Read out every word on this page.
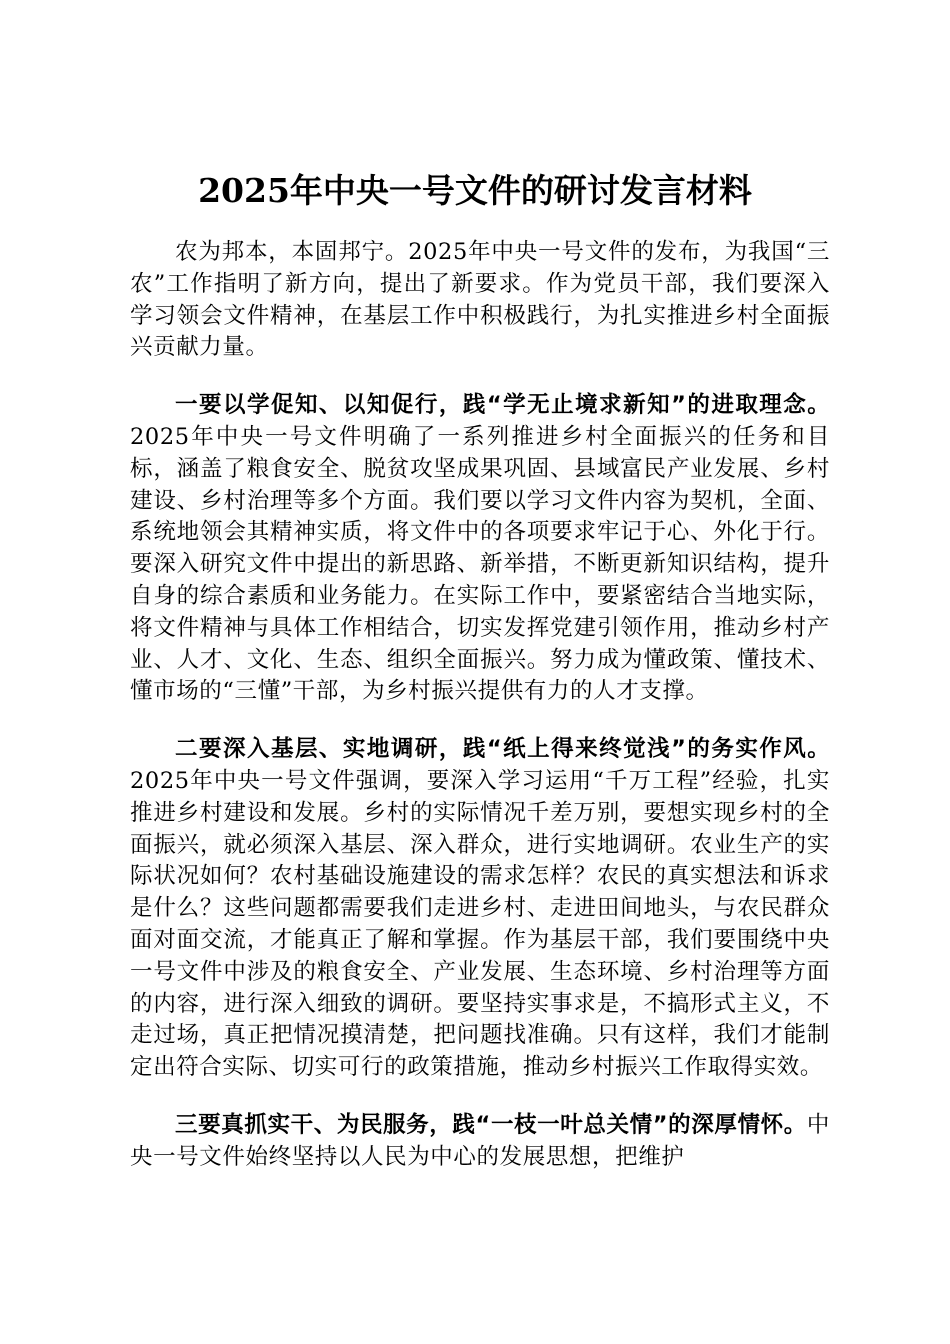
2025年中央一号文件的研讨发言材料

农为邦本，本固邦宁。2025年中央一号文件的发布，为我国“三农”工作指明了新方向，提出了新要求。作为党员干部，我们要深入学习领会文件精神，在基层工作中积极践行，为扎实推进乡村全面振兴贡献力量。

一要以学促知、以知促行，践“学无止境求新知”的进取理念。2025年中央一号文件明确了一系列推进乡村全面振兴的任务和目标，涵盖了粮食安全、脱贫攻坚成果巩固、县域富民产业发展、乡村建设、乡村治理等多个方面。我们要以学习文件内容为契机，全面、系统地领会其精神实质，将文件中的各项要求牢记于心、外化于行。要深入研究文件中提出的新思路、新举措，不断更新知识结构，提升自身的综合素质和业务能力。在实际工作中，要紧密结合当地实际，将文件精神与具体工作相结合，切实发挥党建引领作用，推动乡村产业、人才、文化、生态、组织全面振兴。努力成为懂政策、懂技术、懂市场的“三懂”干部，为乡村振兴提供有力的人才支撑。

二要深入基层、实地调研，践“纸上得来终觉浅”的务实作风。2025年中央一号文件强调，要深入学习运用“千万工程”经验，扎实推进乡村建设和发展。乡村的实际情况千差万别，要想实现乡村的全面振兴，就必须深入基层、深入群众，进行实地调研。农业生产的实际状况如何？农村基础设施建设的需求怎样？农民的真实想法和诉求是什么？这些问题都需要我们走进乡村、走进田间地头，与农民群众面对面交流，才能真正了解和掌握。作为基层干部，我们要围绕中央一号文件中涉及的粮食安全、产业发展、生态环境、乡村治理等方面的内容，进行深入细致的调研。要坚持实事求是，不搞形式主义，不走过场，真正把情况摸清楚，把问题找准确。只有这样，我们才能制定出符合实际、切实可行的政策措施，推动乡村振兴工作取得实效。

三要真抓实干、为民服务，践“一枝一叶总关情”的深厚情怀。中央一号文件始终坚持以人民为中心的发展思想，把维护
